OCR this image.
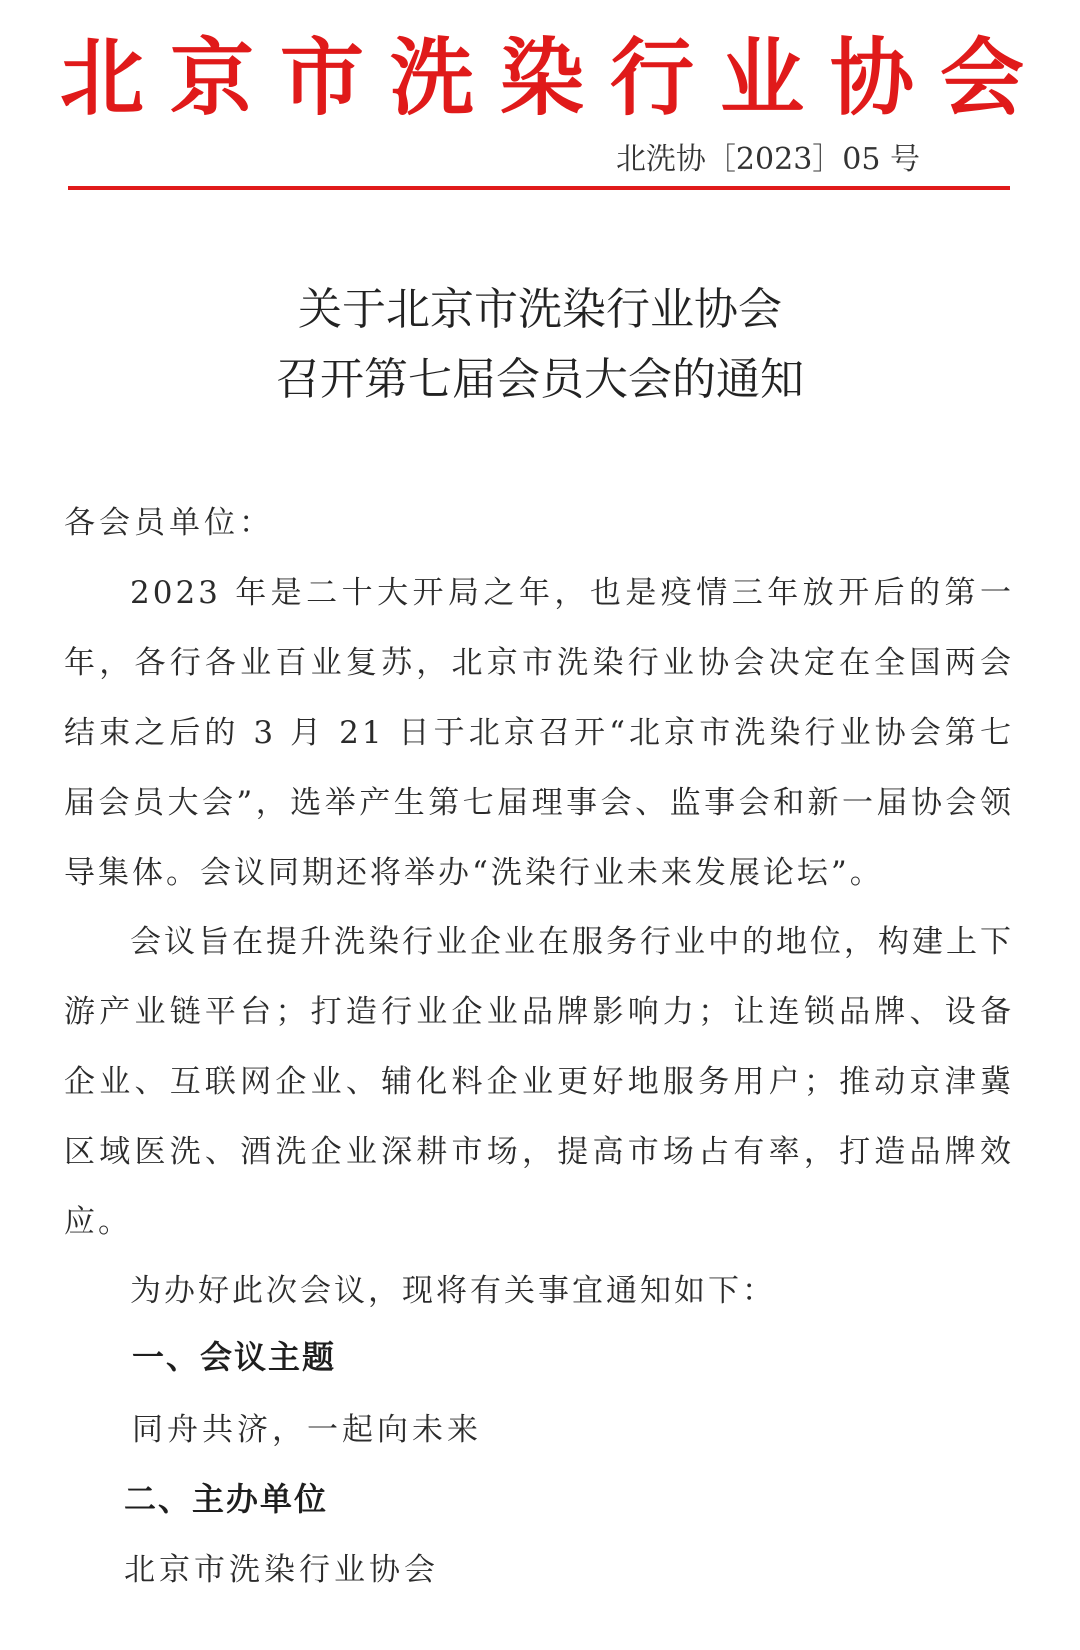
北京市洗染行业协会
北洗协［2023］05 号
关于北京市洗染行业协会
召开第七届会员大会的通知
各会员单位：
2023 年是二十大开局之年，也是疫情三年放开后的第一年，各行各业百业复苏，北京市洗染行业协会决定在全国两会结束之后的 3 月 21 日于北京召开“北京市洗染行业协会第七届会员大会”，选举产生第七届理事会、监事会和新一届协会领导集体。会议同期还将举办“洗染行业未来发展论坛”。
会议旨在提升洗染行业企业在服务行业中的地位，构建上下游产业链平台；打造行业企业品牌影响力；让连锁品牌、设备企业、互联网企业、辅化料企业更好地服务用户；推动京津冀区域医洗、酒洗企业深耕市场，提高市场占有率，打造品牌效应。
为办好此次会议，现将有关事宜通知如下：
一、会议主题
同舟共济，一起向未来
二、主办单位
北京市洗染行业协会
